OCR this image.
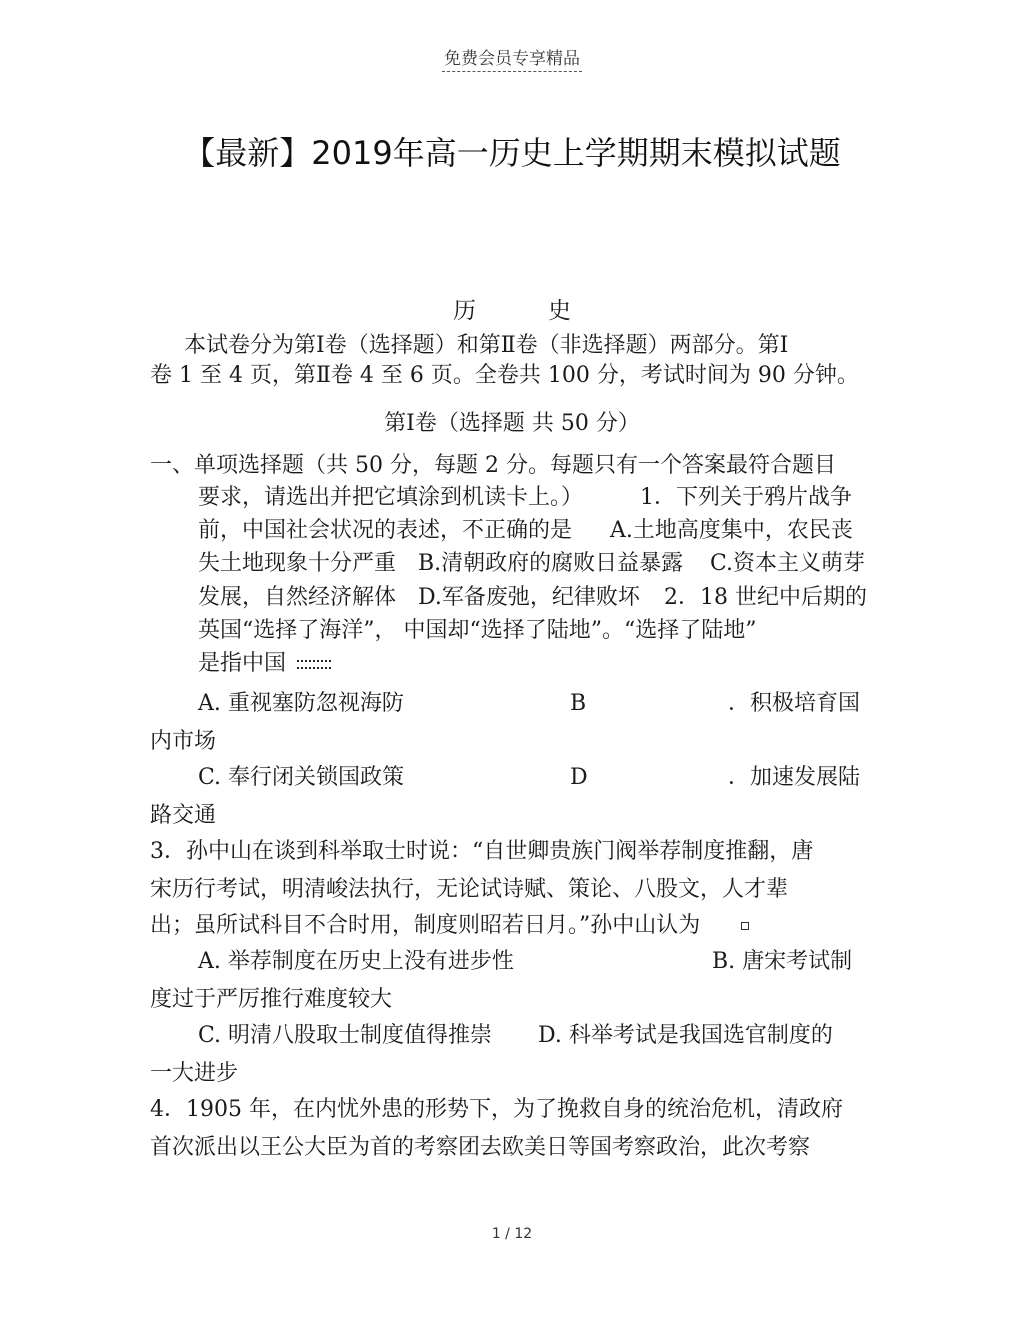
免费会员专享精品
【最新】2019年高一历史上学期期末模拟试题
历	史
本试卷分为第Ⅰ卷（选择题）和第Ⅱ卷（非选择题）两部分。第Ⅰ
卷 1 至 4 页，第Ⅱ卷 4 至 6 页。全卷共 100 分，考试时间为 90 分钟。
第Ⅰ卷（选择题 共 50 分）
一、单项选择题（共 50 分，每题 2 分。每题只有一个答案最符合题目
要求，请选出并把它填涂到机读卡上。）	1．下列关于鸦片战争
前，中国社会状况的表述，不正确的是 A.土地高度集中，农民丧
失土地现象十分严重 B.清朝政府的腐败日益暴露 C.资本主义萌芽
发展，自然经济解体 D.军备废弛，纪律败坏 2．18 世纪中后期的
英国“选择了海洋”， 中国却“选择了陆地”。“选择了陆地”
是指中国
A. 重视塞防忽视海防	B	．积极培育国
内市场
C. 奉行闭关锁国政策	D	．加速发展陆
路交通
3．孙中山在谈到科举取士时说：“自世卿贵族门阀举荐制度推翻，唐
宋历行考试，明清峻法执行，无论试诗赋、策论、八股文，人才辈
出；虽所试科目不合时用，制度则昭若日月。”孙中山认为
A. 举荐制度在历史上没有进步性	B. 唐宋考试制
度过于严厉推行难度较大
C. 明清八股取士制度值得推崇 D. 科举考试是我国选官制度的
一大进步
4．1905 年，在内忧外患的形势下，为了挽救自身的统治危机，清政府
首次派出以王公大臣为首的考察团去欧美日等国考察政治，此次考察
1 / 12
